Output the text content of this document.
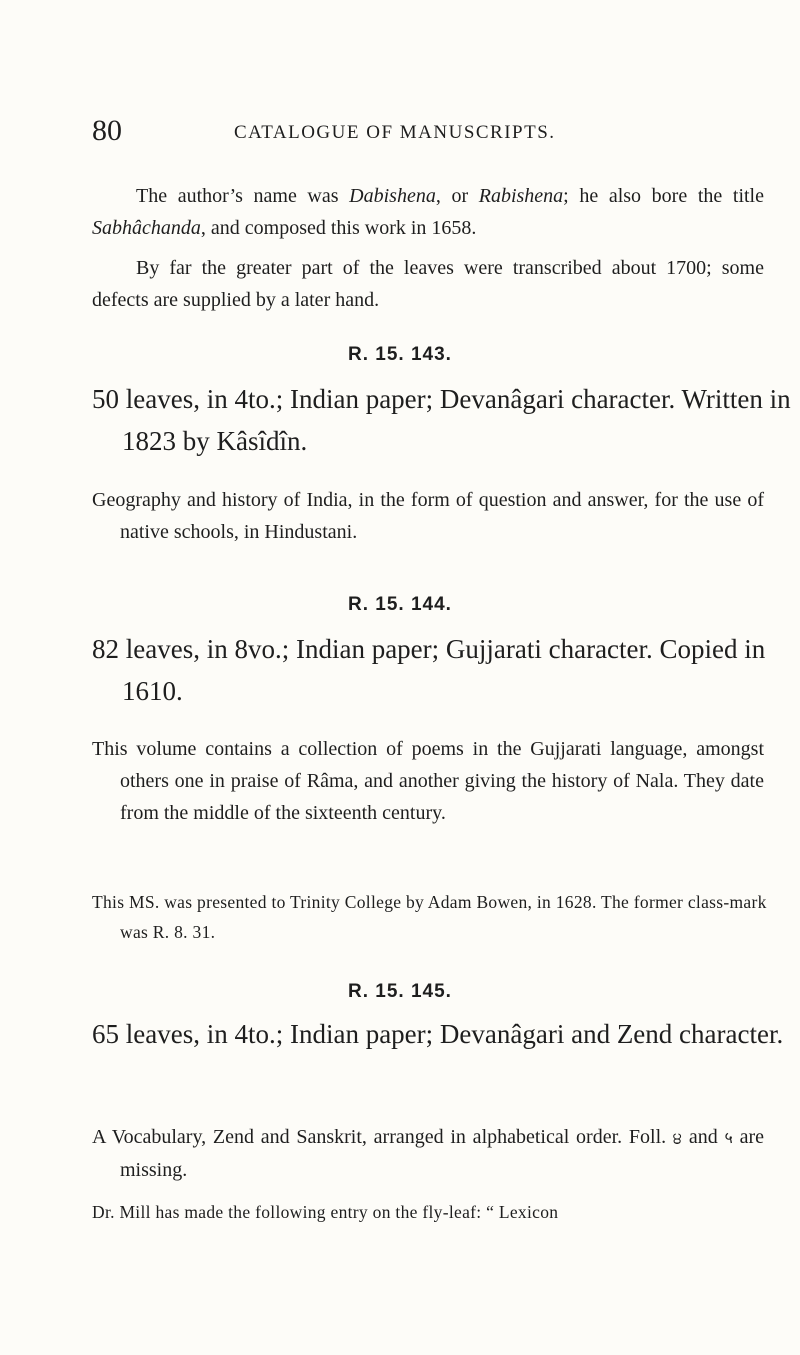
80	CATALOGUE OF MANUSCRIPTS.
The author’s name was Dabishena, or Rabishena; he also bore the title Sabhâchanda, and composed this work in 1658.
By far the greater part of the leaves were transcribed about 1700; some defects are supplied by a later hand.
R. 15. 143.
50 leaves, in 4to.; Indian paper; Devanâgari character. Written in 1823 by Kâsîdîn.
Geography and history of India, in the form of question and answer, for the use of native schools, in Hindustani.
R. 15. 144.
82 leaves, in 8vo.; Indian paper; Gujjarati character. Copied in 1610.
This volume contains a collection of poems in the Gujjarati language, amongst others one in praise of Râma, and another giving the history of Nala. They date from the middle of the sixteenth century.
This MS. was presented to Trinity College by Adam Bowen, in 1628. The former class-mark was R. 8. 31.
R. 15. 145.
65 leaves, in 4to.; Indian paper; Devanâgari and Zend character.
A Vocabulary, Zend and Sanskrit, arranged in alphabetical order. Foll. ੪ and ५ are missing.
Dr. Mill has made the following entry on the fly-leaf: “ Lexicon
